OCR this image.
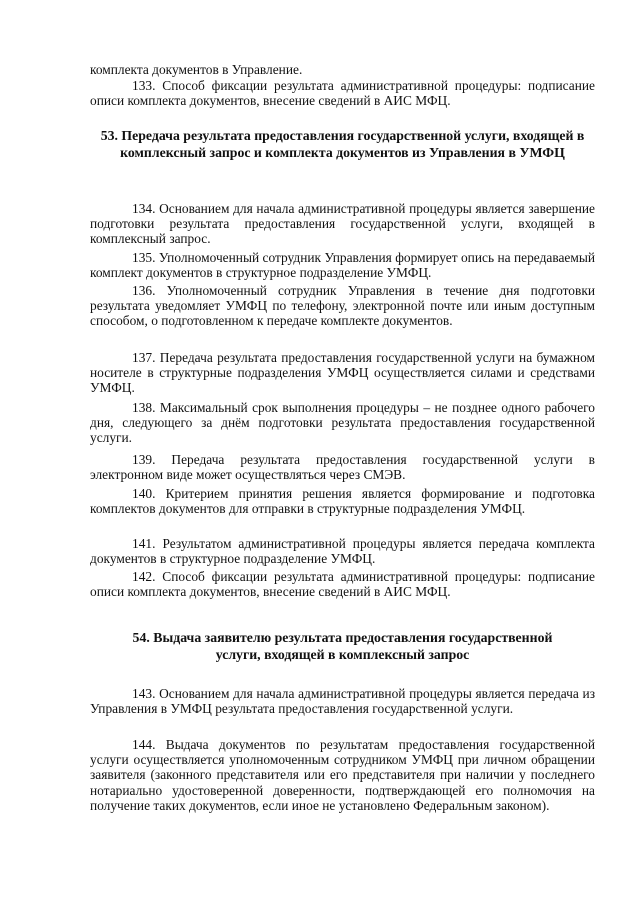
комплекта документов в Управление.

133. Способ фиксации результата административной процедуры: подписание описи комплекта документов, внесение сведений в АИС МФЦ.

53. Передача результата предоставления государственной услуги, входящей в комплексный запрос и комплекта документов из Управления в УМФЦ

134. Основанием для начала административной процедуры является завершение подготовки результата предоставления государственной услуги, входящей в комплексный запрос.

135. Уполномоченный сотрудник Управления формирует опись на передаваемый комплект документов в структурное подразделение УМФЦ.

136. Уполномоченный сотрудник Управления в течение дня подготовки результата уведомляет УМФЦ по телефону, электронной почте или иным доступным способом, о подготовленном к передаче комплекте документов.

137. Передача результата предоставления государственной услуги на бумажном носителе в структурные подразделения УМФЦ осуществляется силами и средствами УМФЦ.

138. Максимальный срок выполнения процедуры – не позднее одного рабочего дня, следующего за днём подготовки результата предоставления государственной услуги.

139. Передача результата предоставления государственной услуги в электронном виде может осуществляться через СМЭВ.

140. Критерием принятия решения является формирование и подготовка комплектов документов для отправки в структурные подразделения УМФЦ.

141. Результатом административной процедуры является передача комплекта документов в структурное подразделение УМФЦ.

142. Способ фиксации результата административной процедуры: подписание описи комплекта документов, внесение сведений в АИС МФЦ.

54. Выдача заявителю результата предоставления государственной услуги, входящей в комплексный запрос

143. Основанием для начала административной процедуры является передача из Управления в УМФЦ результата предоставления государственной услуги.

144. Выдача документов по результатам предоставления государственной услуги осуществляется уполномоченным сотрудником УМФЦ при личном обращении заявителя (законного представителя или его представителя при наличии у последнего нотариально удостоверенной доверенности, подтверждающей его полномочия на получение таких документов, если иное не установлено Федеральным законом).
